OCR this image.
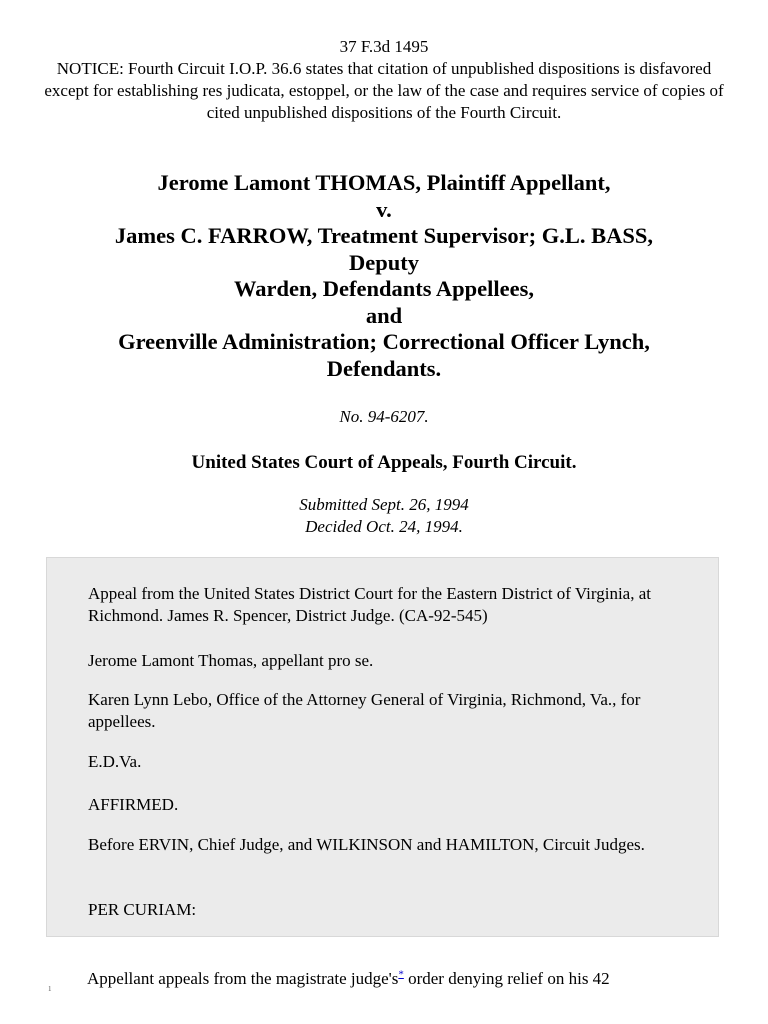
37 F.3d 1495
NOTICE: Fourth Circuit I.O.P. 36.6 states that citation of unpublished dispositions is disfavored except for establishing res judicata, estoppel, or the law of the case and requires service of copies of cited unpublished dispositions of the Fourth Circuit.
Jerome Lamont THOMAS, Plaintiff Appellant,
v.
James C. FARROW, Treatment Supervisor; G.L. BASS,
Deputy
Warden, Defendants Appellees,
and
Greenville Administration; Correctional Officer Lynch,
Defendants.
No. 94-6207.
United States Court of Appeals, Fourth Circuit.
Submitted Sept. 26, 1994
Decided Oct. 24, 1994.

Appeal from the United States District Court for the Eastern District of Virginia, at Richmond. James R. Spencer, District Judge. (CA-92-545)

Jerome Lamont Thomas, appellant pro se.

Karen Lynn Lebo, Office of the Attorney General of Virginia, Richmond, Va., for appellees.

E.D.Va.

AFFIRMED.

Before ERVIN, Chief Judge, and WILKINSON and HAMILTON, Circuit Judges.

PER CURIAM:

1
Appellant appeals from the magistrate judge's* order denying relief on his 42
